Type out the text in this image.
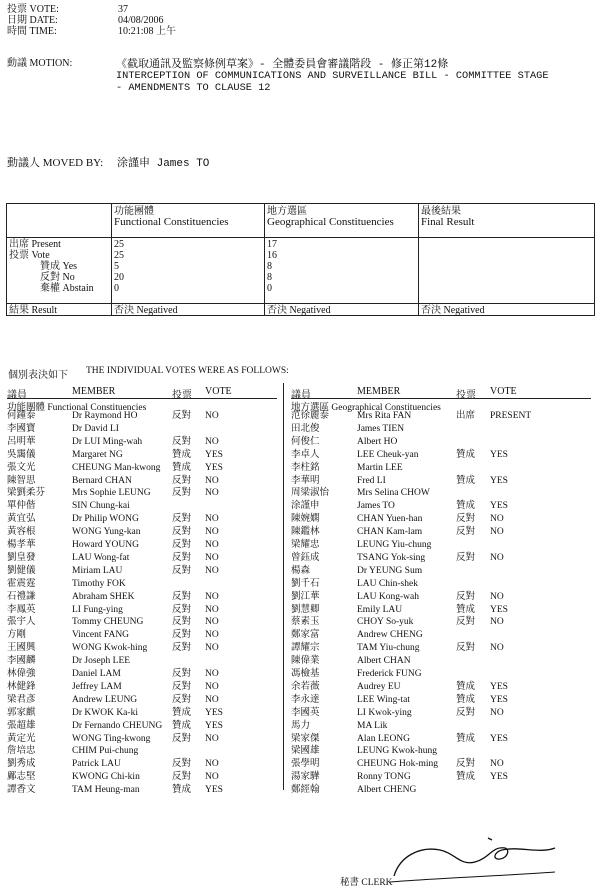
投票 VOTE:	37
日期 DATE:	04/08/2006
時間 TIME:	10:21:08 上午
動議 MOTION:	《截取通訊及監察條例草案》- 全體委員會審議階段 - 修正第12條
INTERCEPTION OF COMMUNICATIONS AND SURVEILLANCE BILL - COMMITTEE STAGE
- AMENDMENTS TO CLAUSE 12
動議人 MOVED BY: 涂謹申 James TO
功能團體
Functional Constituencies
地方選區
Geographical Constituencies
最後結果
Final Result
出席 Present	25	17
投票 Vote	25	16
贊成 Yes	5	8
反對 No	20	8
棄權 Abstain 0	0
結果 Result	否決 Negatived	否決 Negatived	否決 Negatived
個別表決如下 THE INDIVIDUAL VOTES WERE AS FOLLOWS:
議員	MEMBER	投票 VOTE	議員	MEMBER	投票 VOTE
功能團體 Functional Constituencies	地方選區 Geographical Constituencies
何鍾泰	Dr Raymond HO	反對 NO
李國寶	Dr David LI
呂明華	Dr LUI Ming-wah	反對 NO
吳靄儀	Margaret NG	贊成 YES
張文光	CHEUNG Man-kwong 贊成 YES
陳智思	Bernard CHAN	反對 NO
梁劉柔芬	Mrs Sophie LEUNG 反對 NO
單仲偕	SIN Chung-kai
黃宜弘	Dr Philip WONG	反對 NO
黃容根	WONG Yung-kan	反對 NO
楊孝華	Howard YOUNG	反對 NO
劉皇發	LAU Wong-fat	反對 NO
劉健儀	Miriam LAU	反對 NO
霍震霆	Timothy FOK
石禮謙	Abraham SHEK	反對 NO
李鳳英	LI Fung-ying	反對 NO
張宇人	Tommy CHEUNG	反對 NO
方剛	Vincent FANG	反對 NO
王國興	WONG Kwok-hing	反對 NO
李國麟	Dr Joseph LEE
林偉強	Daniel LAM	反對 NO
林健鋒	Jeffrey LAM	反對 NO
梁君彥	Andrew LEUNG	反對 NO
郭家麒	Dr KWOK Ka-ki	贊成 YES
張超雄	Dr Fernando CHEUNG 贊成 YES
黃定光	WONG Ting-kwong 反對 NO
詹培忠	CHIM Pui-chung
劉秀成	Patrick LAU	反對 NO
鄺志堅	KWONG Chi-kin	反對 NO
譚香文	TAM Heung-man	贊成 YES
范徐麗泰	Mrs Rita FAN	出席 PRESENT
田北俊	James TIEN
何俊仁	Albert HO
李卓人	LEE Cheuk-yan	贊成 YES
李柱銘	Martin LEE
李華明	Fred LI	贊成 YES
周梁淑怡	Mrs Selina CHOW
涂謹申	James TO	贊成 YES
陳婉嫻	CHAN Yuen-han	反對 NO
陳鑑林	CHAN Kam-lam	反對 NO
梁耀忠	LEUNG Yiu-chung
曾鈺成	TSANG Yok-sing	反對 NO
楊森	Dr YEUNG Sum
劉千石	LAU Chin-shek
劉江華	LAU Kong-wah	反對 NO
劉慧卿	Emily LAU	贊成 YES
蔡素玉	CHOY So-yuk	反對 NO
鄭家富	Andrew CHENG
譚耀宗	TAM Yiu-chung	反對 NO
陳偉業	Albert CHAN
馮檢基	Frederick FUNG
余若薇	Audrey EU	贊成 YES
李永達	LEE Wing-tat	贊成 YES
李國英	LI Kwok-ying	反對 NO
馬力	MA Lik
梁家傑	Alan LEONG	贊成 YES
梁國雄	LEUNG Kwok-hung
張學明	CHEUNG Hok-ming 反對 NO
湯家驊	Ronny TONG	贊成 YES
鄭經翰	Albert CHENG
秘書 CLERK
